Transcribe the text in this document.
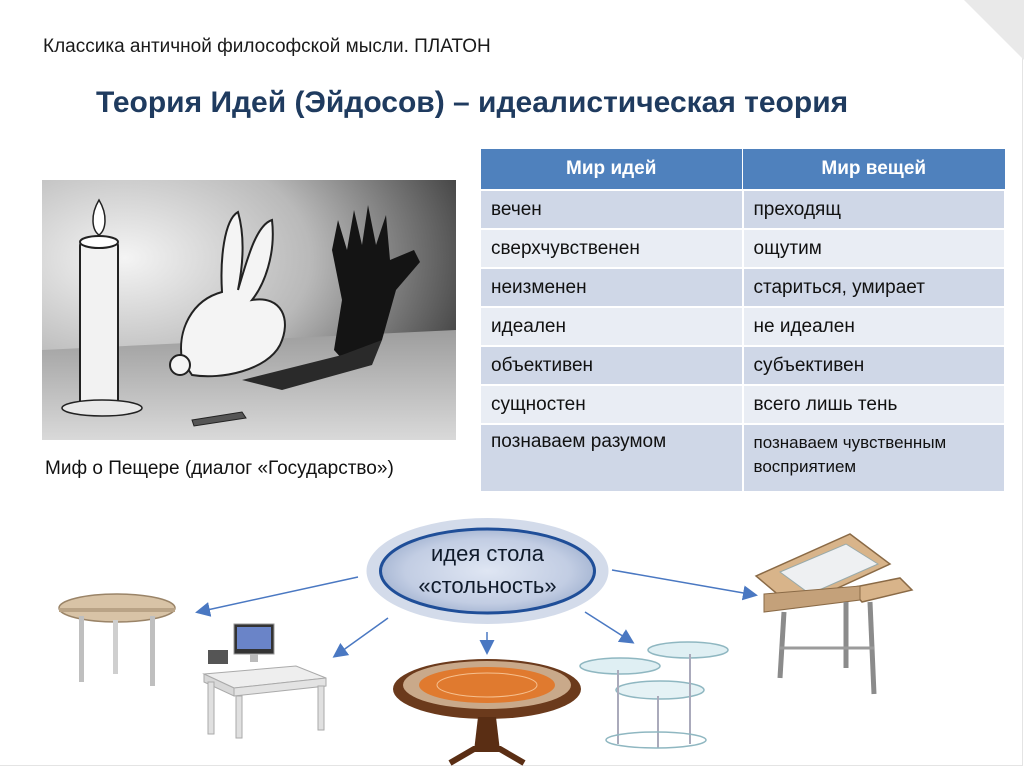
Классика античной философской мысли. ПЛАТОН
Теория Идей (Эйдосов) – идеалистическая теория
Миф о Пещере (диалог «Государство»)
Мир идей	Мир вещей
вечен	преходящ
сверхчувственен	ощутим
неизменен	стариться, умирает
идеален	не идеален
объективен	субъективен
сущностен	всего лишь тень
познаваем разумом	познаваем чувственным восприятием
идея стола
«стольность»
